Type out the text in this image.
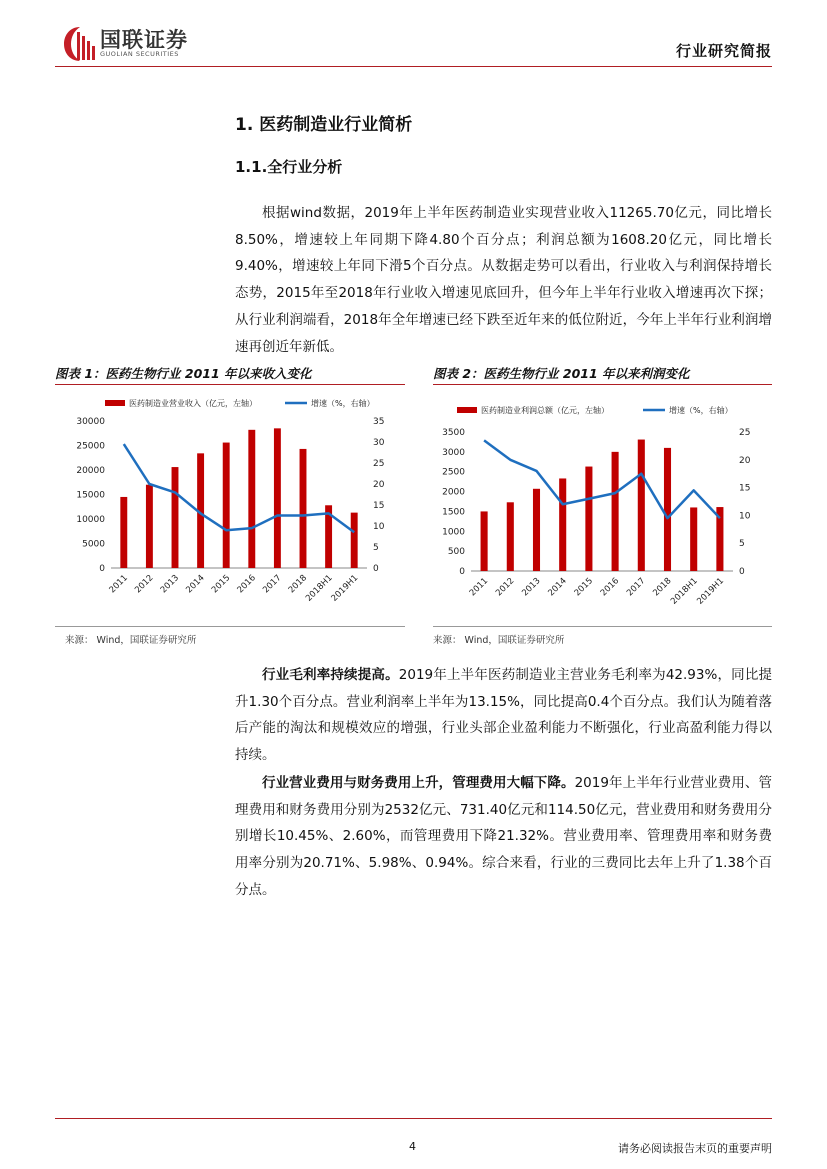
国联证券
GUOLIAN SECURITIES	行业研究简报
1. 医药制造业行业简析
1.1.全行业分析

根据wind数据，2019年上半年医药制造业实现营业收入11265.70亿元，同比增长8.50%，增速较上年同期下降4.80个百分点；利润总额为1608.20亿元，同比增长9.40%，增速较上年同下滑5个百分点。从数据走势可以看出，行业收入与利润保持增长态势，2015年至2018年行业收入增速见底回升，但今年上半年行业收入增速再次下探；从行业利润端看，2018年全年增速已经下跌至近年来的低位附近，今年上半年行业利润增速再创近年新低。

图表 1：医药生物行业 2011 年以来收入变化	图表 2：医药生物行业 2011 年以来利润变化
医药制造业营业收入（亿元，左轴）	增速（%，右轴）
0
5000
10000
15000
20000
25000
30000
0
5
10
15
20
25
30
35
2011 2012 2013 2014 2015 2016 2017 2018
2018H1
2019H1
医药制造业利润总额（亿元，左轴）	增速（%，右轴）
0
500
1000
1500
2000
2500
3000
3500
0
5
10
15
20
25
2011 2012 2013 2014 2015 2016 2017 2018
2018H1
2019H1
来源： Wind，国联证券研究所	来源： Wind，国联证券研究所

行业毛利率持续提高。2019年上半年医药制造业主营业务毛利率为42.93%，同比提升1.30个百分点。营业利润率上半年为13.15%，同比提高0.4个百分点。我们认为随着落后产能的淘汰和规模效应的增强，行业头部企业盈利能力不断强化，行业高盈利能力得以持续。

行业营业费用与财务费用上升，管理费用大幅下降。2019年上半年行业营业费用、管理费用和财务费用分别为2532亿元、731.40亿元和114.50亿元，营业费用和财务费用分别增长10.45%、2.60%，而管理费用下降21.32%。营业费用率、管理费用率和财务费用率分别为20.71%、5.98%、0.94%。综合来看，行业的三费同比去年上升了1.38个百分点。

4	请务必阅读报告末页的重要声明
